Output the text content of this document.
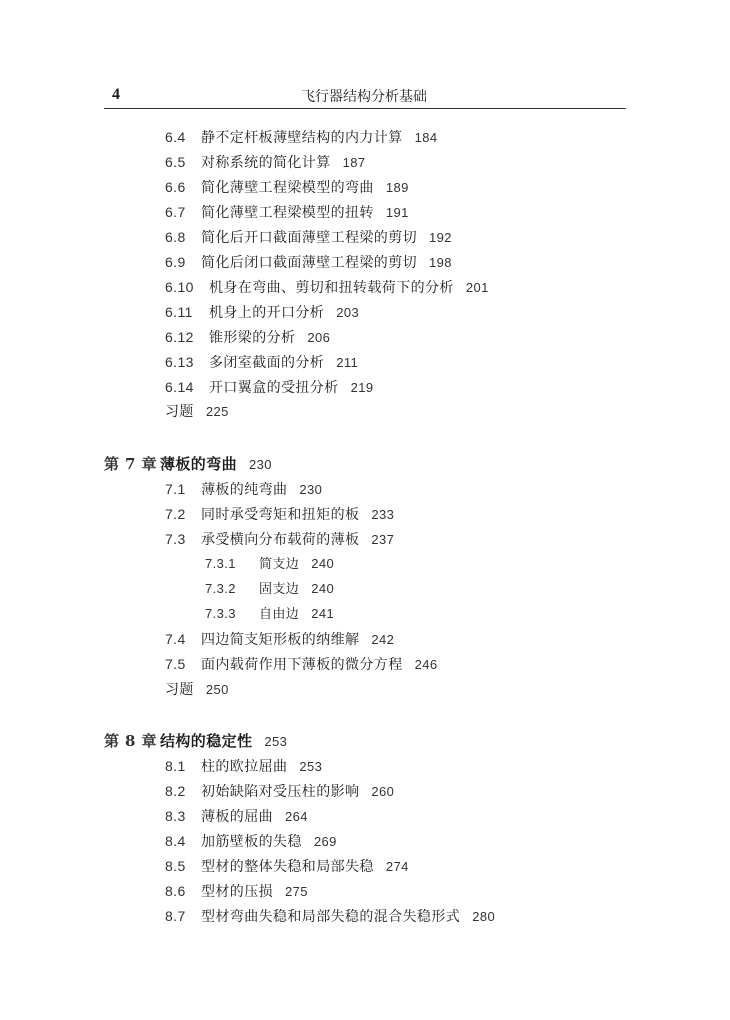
4	飞行器结构分析基础
6.4 静不定杆板薄壁结构的内力计算 184
6.5 对称系统的简化计算 187
6.6 简化薄壁工程梁模型的弯曲 189
6.7 简化薄壁工程梁模型的扭转 191
6.8 简化后开口截面薄壁工程梁的剪切 192
6.9 简化后闭口截面薄壁工程梁的剪切 198
6.10 机身在弯曲、剪切和扭转载荷下的分析 201
6.11 机身上的开口分析 203
6.12 锥形梁的分析 206
6.13 多闭室截面的分析 211
6.14 开口翼盒的受扭分析 219
习题 225
第 7 章 薄板的弯曲 230
7.1 薄板的纯弯曲 230
7.2 同时承受弯矩和扭矩的板 233
7.3 承受横向分布载荷的薄板 237
7.3.1 简支边 240
7.3.2 固支边 240
7.3.3 自由边 241
7.4 四边简支矩形板的纳维解 242
7.5 面内载荷作用下薄板的微分方程 246
习题 250
第 8 章 结构的稳定性 253
8.1 柱的欧拉屈曲 253
8.2 初始缺陷对受压柱的影响 260
8.3 薄板的屈曲 264
8.4 加筋壁板的失稳 269
8.5 型材的整体失稳和局部失稳 274
8.6 型材的压损 275
8.7 型材弯曲失稳和局部失稳的混合失稳形式 280
